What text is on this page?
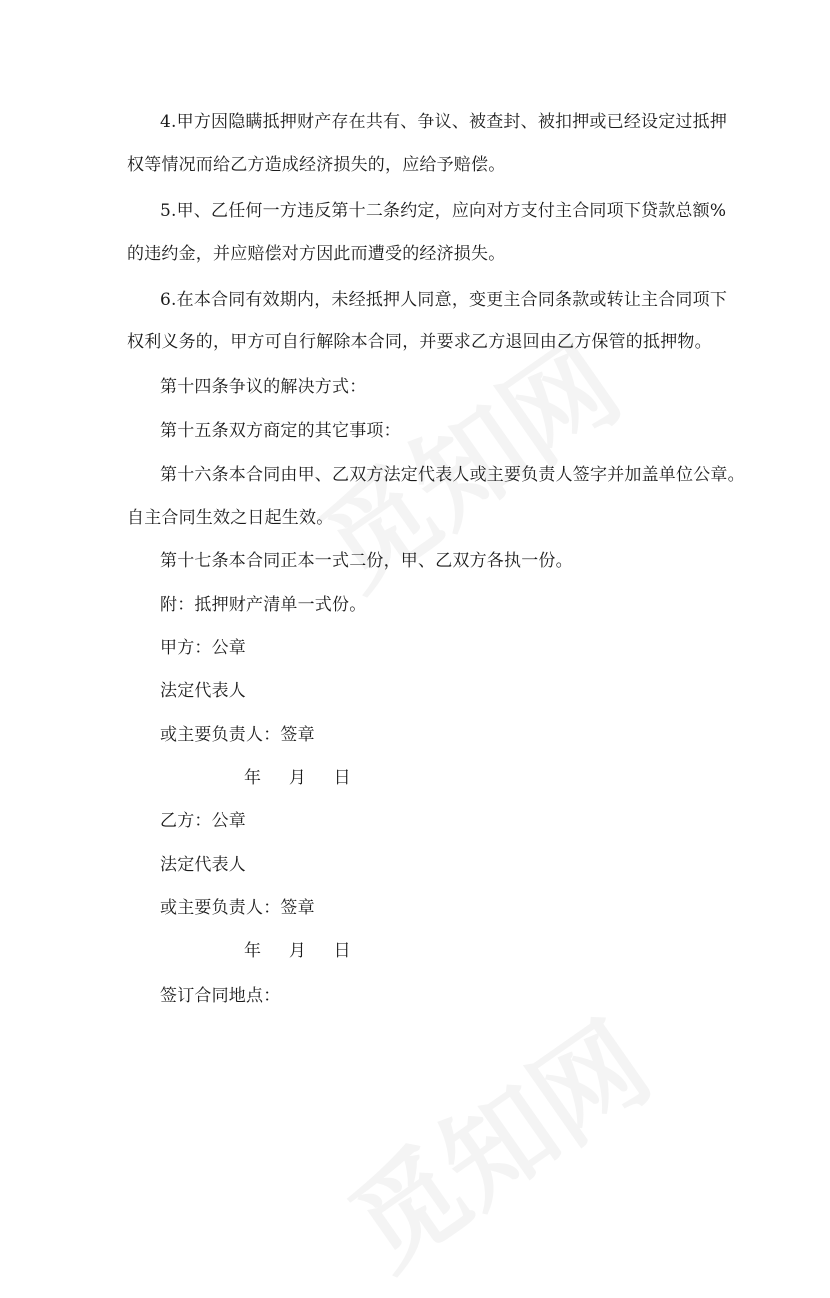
4.甲方因隐瞒抵押财产存在共有、争议、被查封、被扣押或已经设定过抵押
权等情况而给乙方造成经济损失的，应给予赔偿。
5.甲、乙任何一方违反第十二条约定，应向对方支付主合同项下贷款总额%
的违约金，并应赔偿对方因此而遭受的经济损失。
6.在本合同有效期内，未经抵押人同意，变更主合同条款或转让主合同项下
权利义务的，甲方可自行解除本合同，并要求乙方退回由乙方保管的抵押物。
第十四条争议的解决方式：
第十五条双方商定的其它事项：
第十六条本合同由甲、乙双方法定代表人或主要负责人签字并加盖单位公章。
自主合同生效之日起生效。
第十七条本合同正本一式二份，甲、乙双方各执一份。
附：抵押财产清单一式份。
甲方：公章
法定代表人
或主要负责人：签章
年 月 日
乙方：公章
法定代表人
或主要负责人：签章
年 月 日
签订合同地点：
